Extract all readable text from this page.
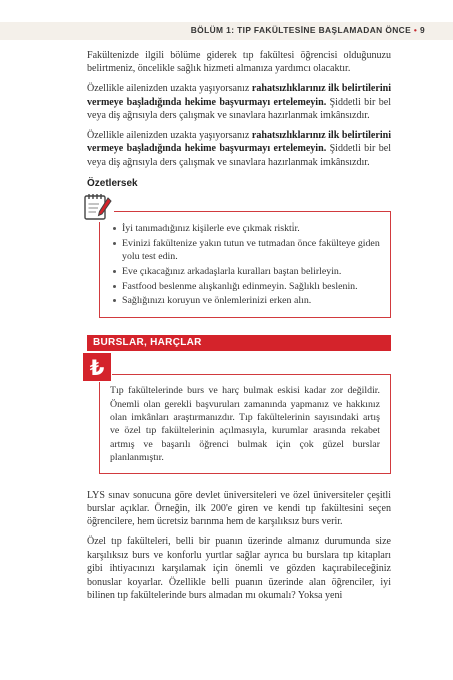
BÖLÜM 1: TIP FAKÜLTESİNE BAŞLAMADAN ÖNCE • 9

Fakültenizde ilgili bölüme giderek tıp fakültesi öğrencisi olduğunuzu belirtmeniz, öncelikle sağlık hizmeti almanıza yardımcı olacaktır.

Özellikle ailenizden uzakta yaşıyorsanız rahatsızlıklarınız ilk belirtilerini vermeye başladığında hekime başvurmayı ertelemeyin. Şiddetli bir bel veya diş ağrısıyla ders çalışmak ve sınavlara hazırlanmak imkânsızdır.

Özellikle ailenizden uzakta yaşıyorsanız rahatsızlıklarınız ilk belirtilerini vermeye başladığında hekime başvurmayı ertelemeyin. Şiddetli bir bel veya diş ağrısıyla ders çalışmak ve sınavlara hazırlanmak imkânsızdır.

Özetlersek
İyi tanımadığınız kişilerle eve çıkmak riskti̇r.
Evinizi fakültenize yakın tutun ve tutmadan önce fakülteye giden yolu test edin.
Eve çıkacağınız arkadaşlarla kuralları baştan belirleyin.
Fastfood beslenme alışkanlığı edinmeyin. Sağlıklı beslenin.
Sağlığınızı koruyun ve önlemlerinizi erken alın.
BURSLAR, HARÇLAR
₺

Tıp fakültelerinde burs ve harç bulmak eskisi kadar zor değildir. Önemli olan gerekli başvuruları zamanında yapmanız ve hakkınız olan imkânları araştırmanızdır. Tıp fakültelerinin sayısındaki artış ve özel tıp fakültelerinin açılmasıyla, kurumlar arasında rekabet artmış ve başarılı öğrenci bulmak için çok güzel burslar planlanmıştır.

LYS sınav sonucuna göre devlet üniversiteleri ve özel üniversiteler çeşitli burslar açıklar. Örneğin, ilk 200'e giren ve kendi tıp fakültesini seçen öğrencilere, hem ücretsiz barınma hem de karşılıksız burs verir.

Özel tıp fakülteleri, belli bir puanın üzerinde almanız durumunda size karşılıksız burs ve konforlu yurtlar sağlar ayrıca bu burslara tıp kitapları gibi ihtiyacınızı karşılamak için önemli ve gözden kaçırabileceğiniz bonuslar koyarlar. Özellikle belli puanın üzerinde alan öğrenciler, iyi bilinen tıp fakültelerinde burs almadan mı okumalı? Yoksa yeni
